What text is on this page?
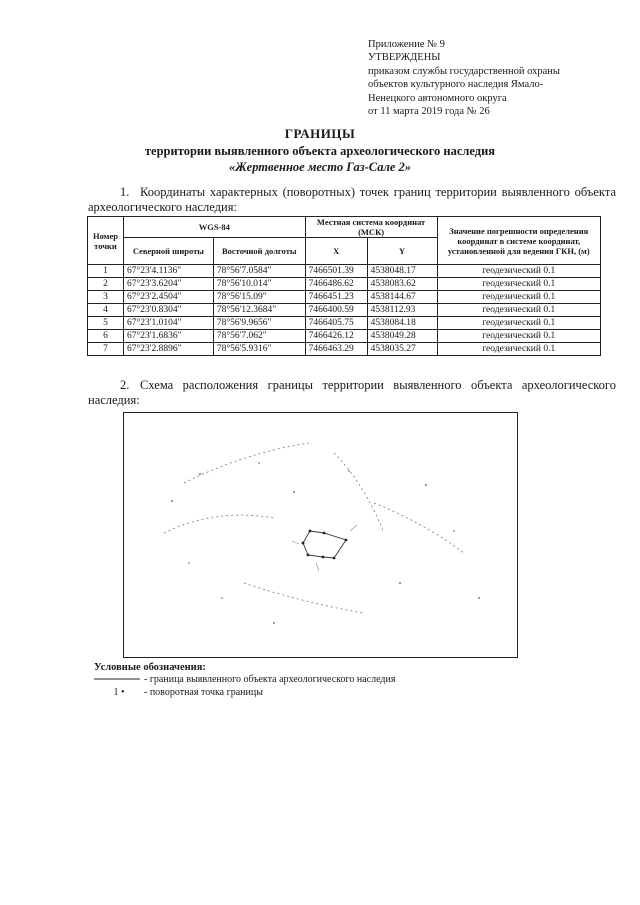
Приложение № 9
УТВЕРЖДЕНЫ
приказом службы государственной охраны
объектов культурного наследия Ямало-
Ненецкого автономного округа
от 11 марта 2019 года № 26
ГРАНИЦЫ
территории выявленного объекта археологического наследия
«Жертвенное место Газ-Сале 2»
1. Координаты характерных (поворотных) точек границ территории выявленного объекта археологического наследия:
Номер точки	WGS-84		Местная система координат (МСК)		Значение погрешности определения координат в системе координат, установленной для ведения ГКН, (м)
	Северной широты	Восточной долготы	X	Y	
1	67°23'4.1136"	78°56'7.0584"	7466501.39	4538048.17	геодезический 0.1
2	67°23'3.6204"	78°56'10.014"	7466486.62	4538083.62	геодезический 0.1
3	67°23'2.4504"	78°56'15.09"	7466451.23	4538144.67	геодезический 0.1
4	67°23'0.8304"	78°56'12.3684"	7466400.59	4538112.93	геодезический 0.1
5	67°23'1.0104"	78°56'9.9656"	7466405.75	4538084.18	геодезический 0.1
6	67°23'1.6836"	78°56'7.062"	7466426.12	4538049.28	геодезический 0.1
7	67°23'2.8896"	78°56'5.9316"	7466463.29	4538035.27	геодезический 0.1
2. Схема расположения границы территории выявленного объекта археологического наследия:
Условные обозначения:
- граница выявленного объекта археологического наследия
1 • - поворотная точка границы
